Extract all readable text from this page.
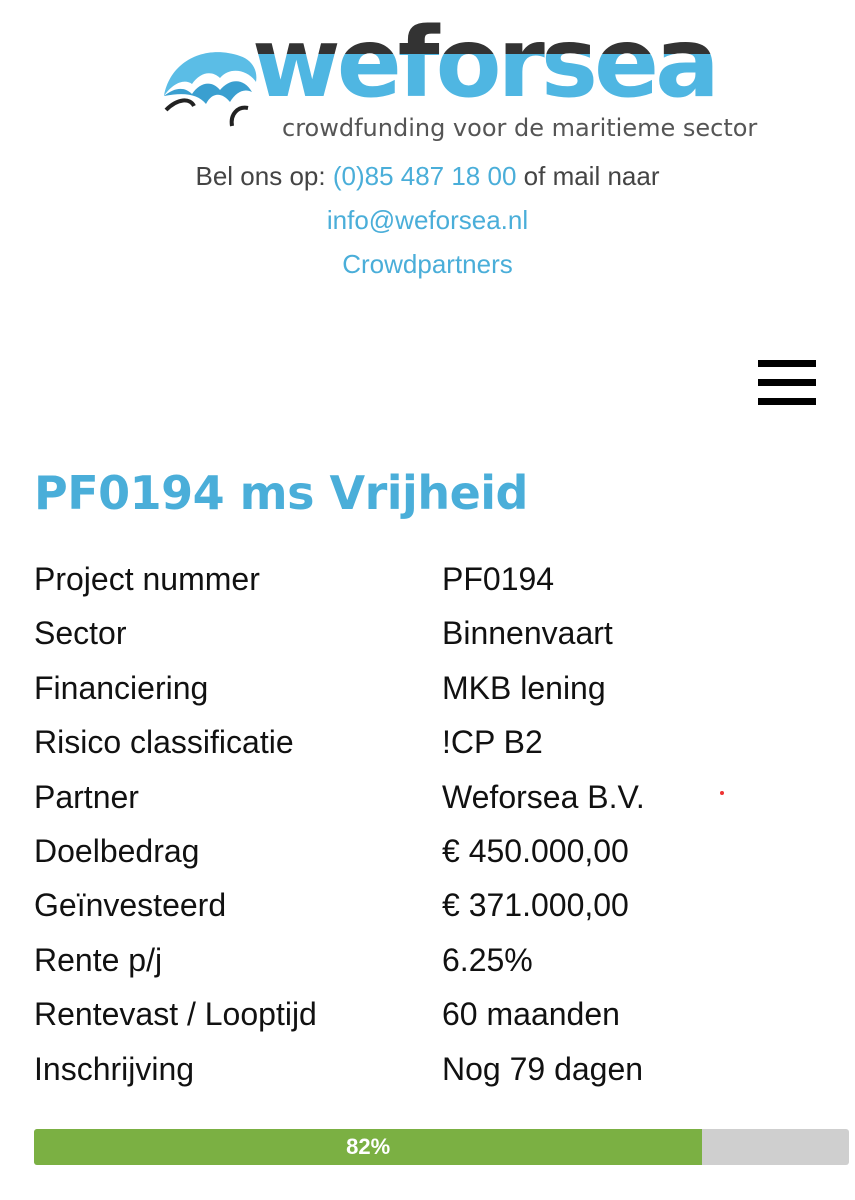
weforsea
crowdfunding voor de maritieme sector
Bel ons op: (0)85 487 18 00 of mail naar
info@weforsea.nl
Crowdpartners
PF0194 ms Vrijheid
Project nummer	PF0194
Sector	Binnenvaart
Financiering	MKB lening
Risico classificatie	!CP B2
Partner	Weforsea B.V.
Doelbedrag	€ 450.000,00
Geïnvesteerd	€ 371.000,00
Rente p/j	6.25%
Rentevast / Looptijd	60 maanden
Inschrijving	Nog 79 dagen
82%
